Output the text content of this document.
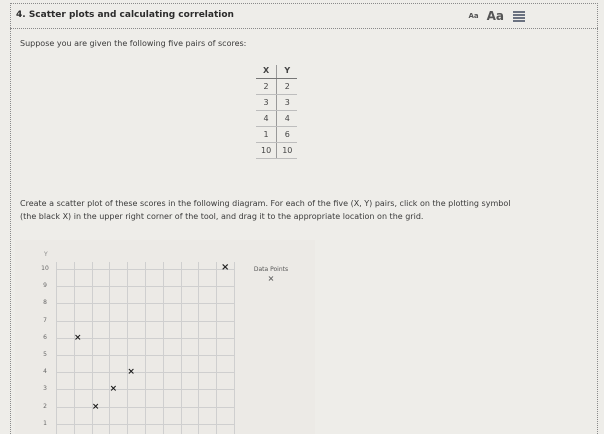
4. Scatter plots and calculating correlation	Aa Aa
Suppose you are given the following five pairs of scores:
X	Y
2	2
3	3
4	4
1	6
10	10
Create a scatter plot of these scores in the following diagram. For each of the five (X, Y) pairs, click on the plotting symbol (the black X) in the upper right corner of the tool, and drag it to the appropriate location on the grid.
Y
10
9
8
7
6
5
4
3
2
1
×	Data Points
×
×
×
×
×
